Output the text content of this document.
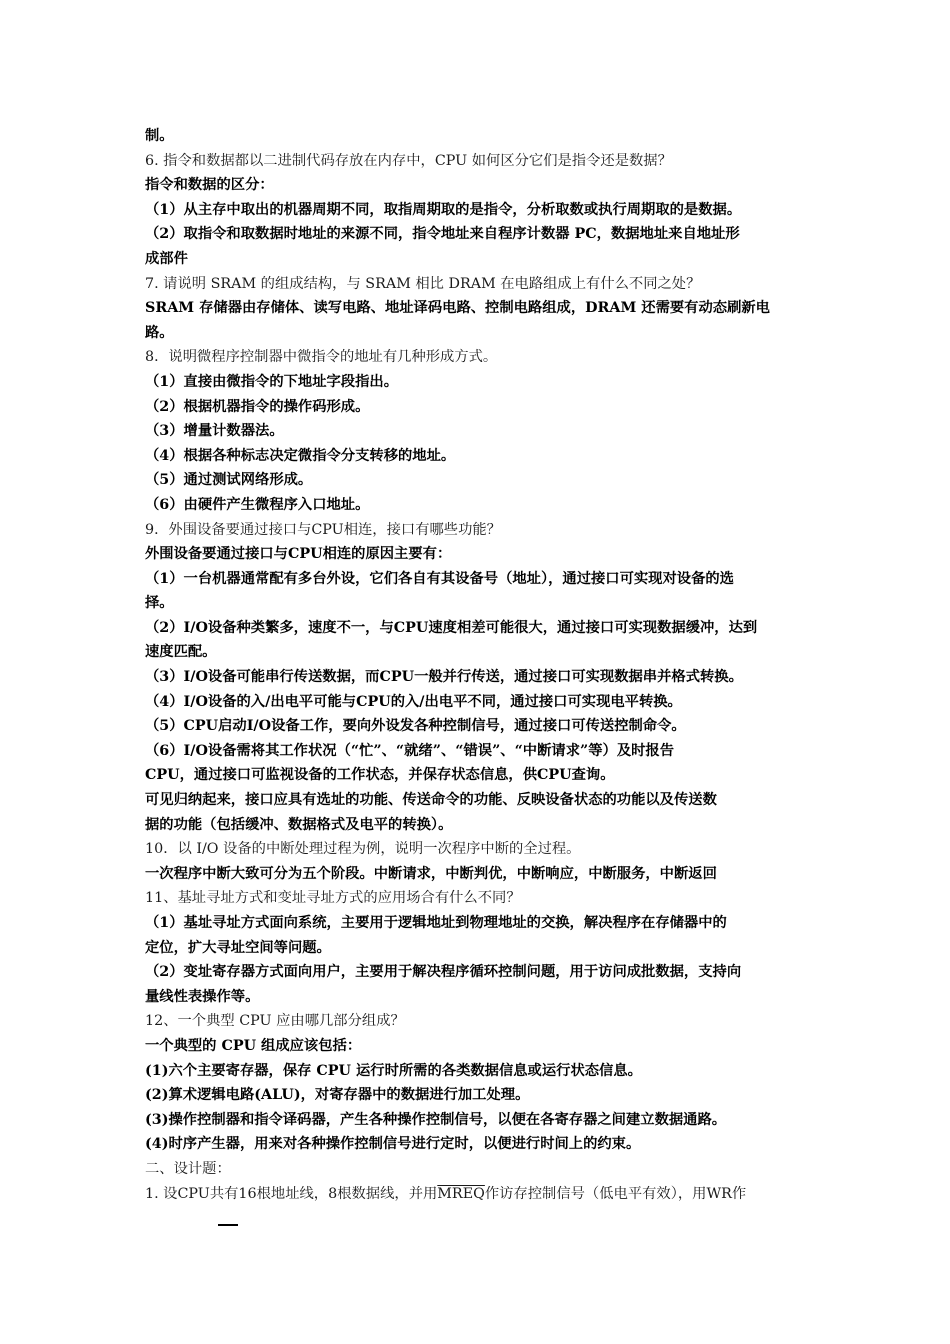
制。
6. 指令和数据都以二进制代码存放在内存中，CPU 如何区分它们是指令还是数据？
指令和数据的区分：
（1）从主存中取出的机器周期不同，取指周期取的是指令，分析取数或执行周期取的是数据。
（2）取指令和取数据时地址的来源不同，指令地址来自程序计数器 PC，数据地址来自地址形
成部件
7. 请说明 SRAM 的组成结构，与 SRAM 相比 DRAM 在电路组成上有什么不同之处？
SRAM 存储器由存储体、读写电路、地址译码电路、控制电路组成，DRAM 还需要有动态刷新电
路。
8．说明微程序控制器中微指令的地址有几种形成方式。
（1）直接由微指令的下地址字段指出。
（2）根据机器指令的操作码形成。
（3）增量计数器法。
（4）根据各种标志决定微指令分支转移的地址。
（5）通过测试网络形成。
（6）由硬件产生微程序入口地址。
9．外围设备要通过接口与CPU相连，接口有哪些功能？
外围设备要通过接口与CPU相连的原因主要有：
（1）一台机器通常配有多台外设，它们各自有其设备号（地址），通过接口可实现对设备的选
择。
（2）I/O设备种类繁多，速度不一，与CPU速度相差可能很大，通过接口可实现数据缓冲，达到
速度匹配。
（3）I/O设备可能串行传送数据，而CPU一般并行传送，通过接口可实现数据串并格式转换。
（4）I/O设备的入/出电平可能与CPU的入/出电平不同，通过接口可实现电平转换。
（5）CPU启动I/O设备工作，要向外设发各种控制信号，通过接口可传送控制命令。
（6）I/O设备需将其工作状况（“忙”、“就绪”、“错误”、“中断请求”等）及时报告
CPU，通过接口可监视设备的工作状态，并保存状态信息，供CPU查询。
可见归纳起来，接口应具有选址的功能、传送命令的功能、反映设备状态的功能以及传送数
据的功能（包括缓冲、数据格式及电平的转换）。
10．以 I/O 设备的中断处理过程为例，说明一次程序中断的全过程。
一次程序中断大致可分为五个阶段。中断请求，中断判优，中断响应，中断服务，中断返回
11、基址寻址方式和变址寻址方式的应用场合有什么不同？
（1）基址寻址方式面向系统，主要用于逻辑地址到物理地址的交换，解决程序在存储器中的
定位，扩大寻址空间等问题。
（2）变址寄存器方式面向用户，主要用于解决程序循环控制问题，用于访问成批数据，支持向
量线性表操作等。
12、一个典型 CPU 应由哪几部分组成？
一个典型的 CPU 组成应该包括：
(1)六个主要寄存器，保存 CPU 运行时所需的各类数据信息或运行状态信息。
(2)算术逻辑电路(ALU)，对寄存器中的数据进行加工处理。
(3)操作控制器和指令译码器，产生各种操作控制信号，以便在各寄存器之间建立数据通路。
(4)时序产生器，用来对各种操作控制信号进行定时，以便进行时间上的约束。
二、设计题：
1. 设CPU共有16根地址线，8根数据线，并用MREQ作访存控制信号（低电平有效），用WR作
